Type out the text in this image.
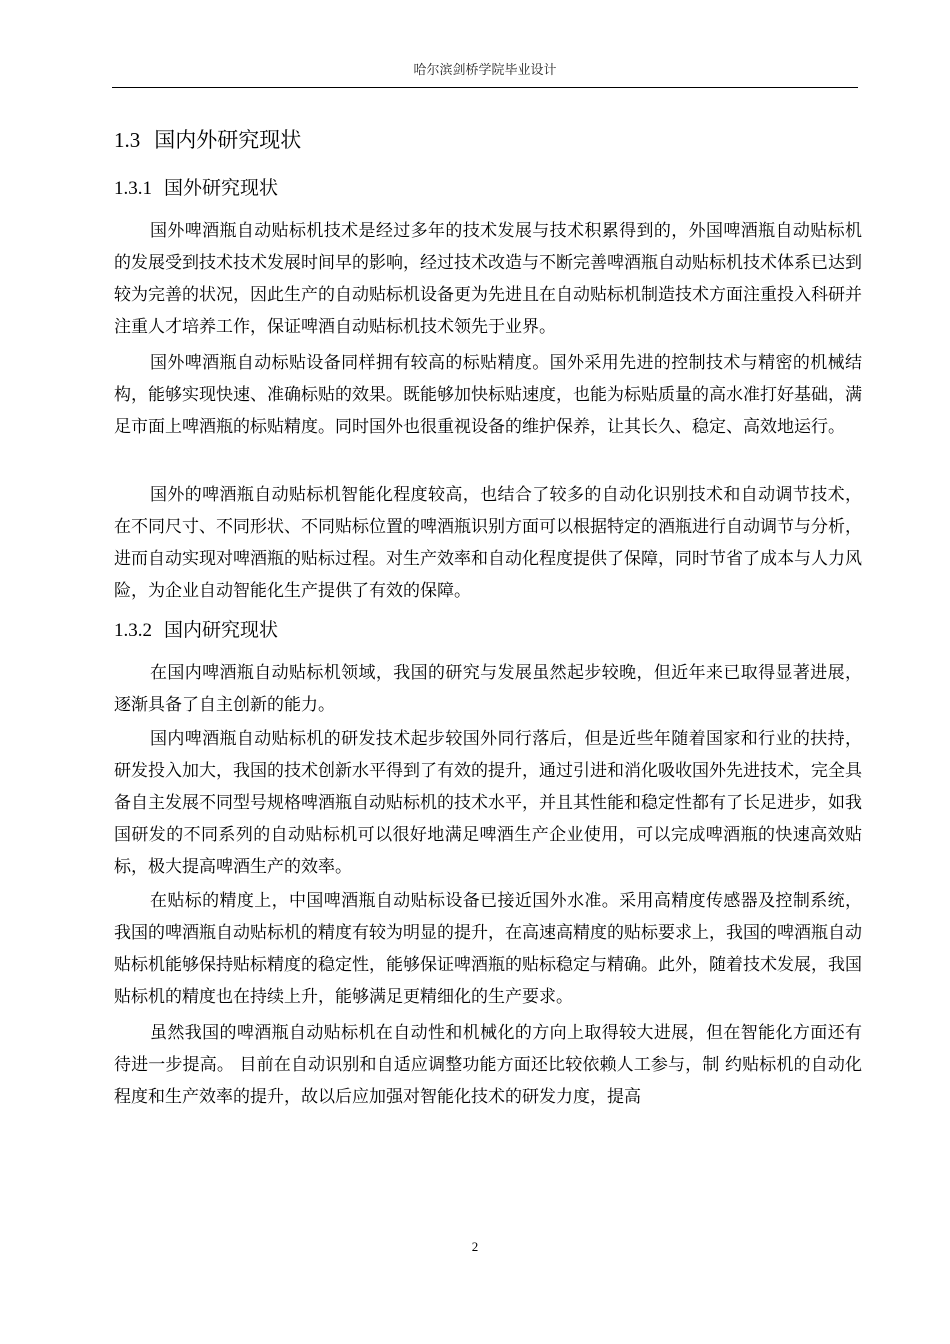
哈尔滨剑桥学院毕业设计
1.3 国内外研究现状
1.3.1 国外研究现状

国外啤酒瓶自动贴标机技术是经过多年的技术发展与技术积累得到的，外国啤酒瓶自动贴标机的发展受到技术技术发展时间早的影响，经过技术改造与不断完善啤酒瓶自动贴标机技术体系已达到较为完善的状况，因此生产的自动贴标机设备更为先进且在自动贴标机制造技术方面注重投入科研并注重人才培养工作，保证啤酒自动贴标机技术领先于业界。

国外啤酒瓶自动标贴设备同样拥有较高的标贴精度。国外采用先进的控制技术与精密的机械结构，能够实现快速、准确标贴的效果。既能够加快标贴速度，也能为标贴质量的高水准打好基础，满足市面上啤酒瓶的标贴精度。同时国外也很重视设备的维护保养，让其长久、稳定、高效地运行。

国外的啤酒瓶自动贴标机智能化程度较高，也结合了较多的自动化识别技术和自动调节技术，在不同尺寸、不同形状、不同贴标位置的啤酒瓶识别方面可以根据特定的酒瓶进行自动调节与分析，进而自动实现对啤酒瓶的贴标过程。对生产效率和自动化程度提供了保障，同时节省了成本与人力风险，为企业自动智能化生产提供了有效的保障。

1.3.2 国内研究现状

在国内啤酒瓶自动贴标机领域，我国的研究与发展虽然起步较晚，但近年来已取得显著进展，逐渐具备了自主创新的能力。

国内啤酒瓶自动贴标机的研发技术起步较国外同行落后，但是近些年随着国家和行业的扶持，研发投入加大，我国的技术创新水平得到了有效的提升，通过引进和消化吸收国外先进技术，完全具备自主发展不同型号规格啤酒瓶自动贴标机的技术水平，并且其性能和稳定性都有了长足进步，如我国研发的不同系列的自动贴标机可以很好地满足啤酒生产企业使用，可以完成啤酒瓶的快速高效贴标，极大提高啤酒生产的效率。

在贴标的精度上，中国啤酒瓶自动贴标设备已接近国外水准。采用高精度传感器及控制系统，我国的啤酒瓶自动贴标机的精度有较为明显的提升，在高速高精度的贴标要求上，我国的啤酒瓶自动贴标机能够保持贴标精度的稳定性，能够保证啤酒瓶的贴标稳定与精确。此外，随着技术发展，我国贴标机的精度也在持续上升，能够满足更精细化的生产要求。

虽然我国的啤酒瓶自动贴标机在自动性和机械化的方向上取得较大进展，但在智能化方面还有待进一步提高。 目前在自动识别和自适应调整功能方面还比较依赖人工参与，制 约贴标机的自动化程度和生产效率的提升，故以后应加强对智能化技术的研发力度，提高

2
